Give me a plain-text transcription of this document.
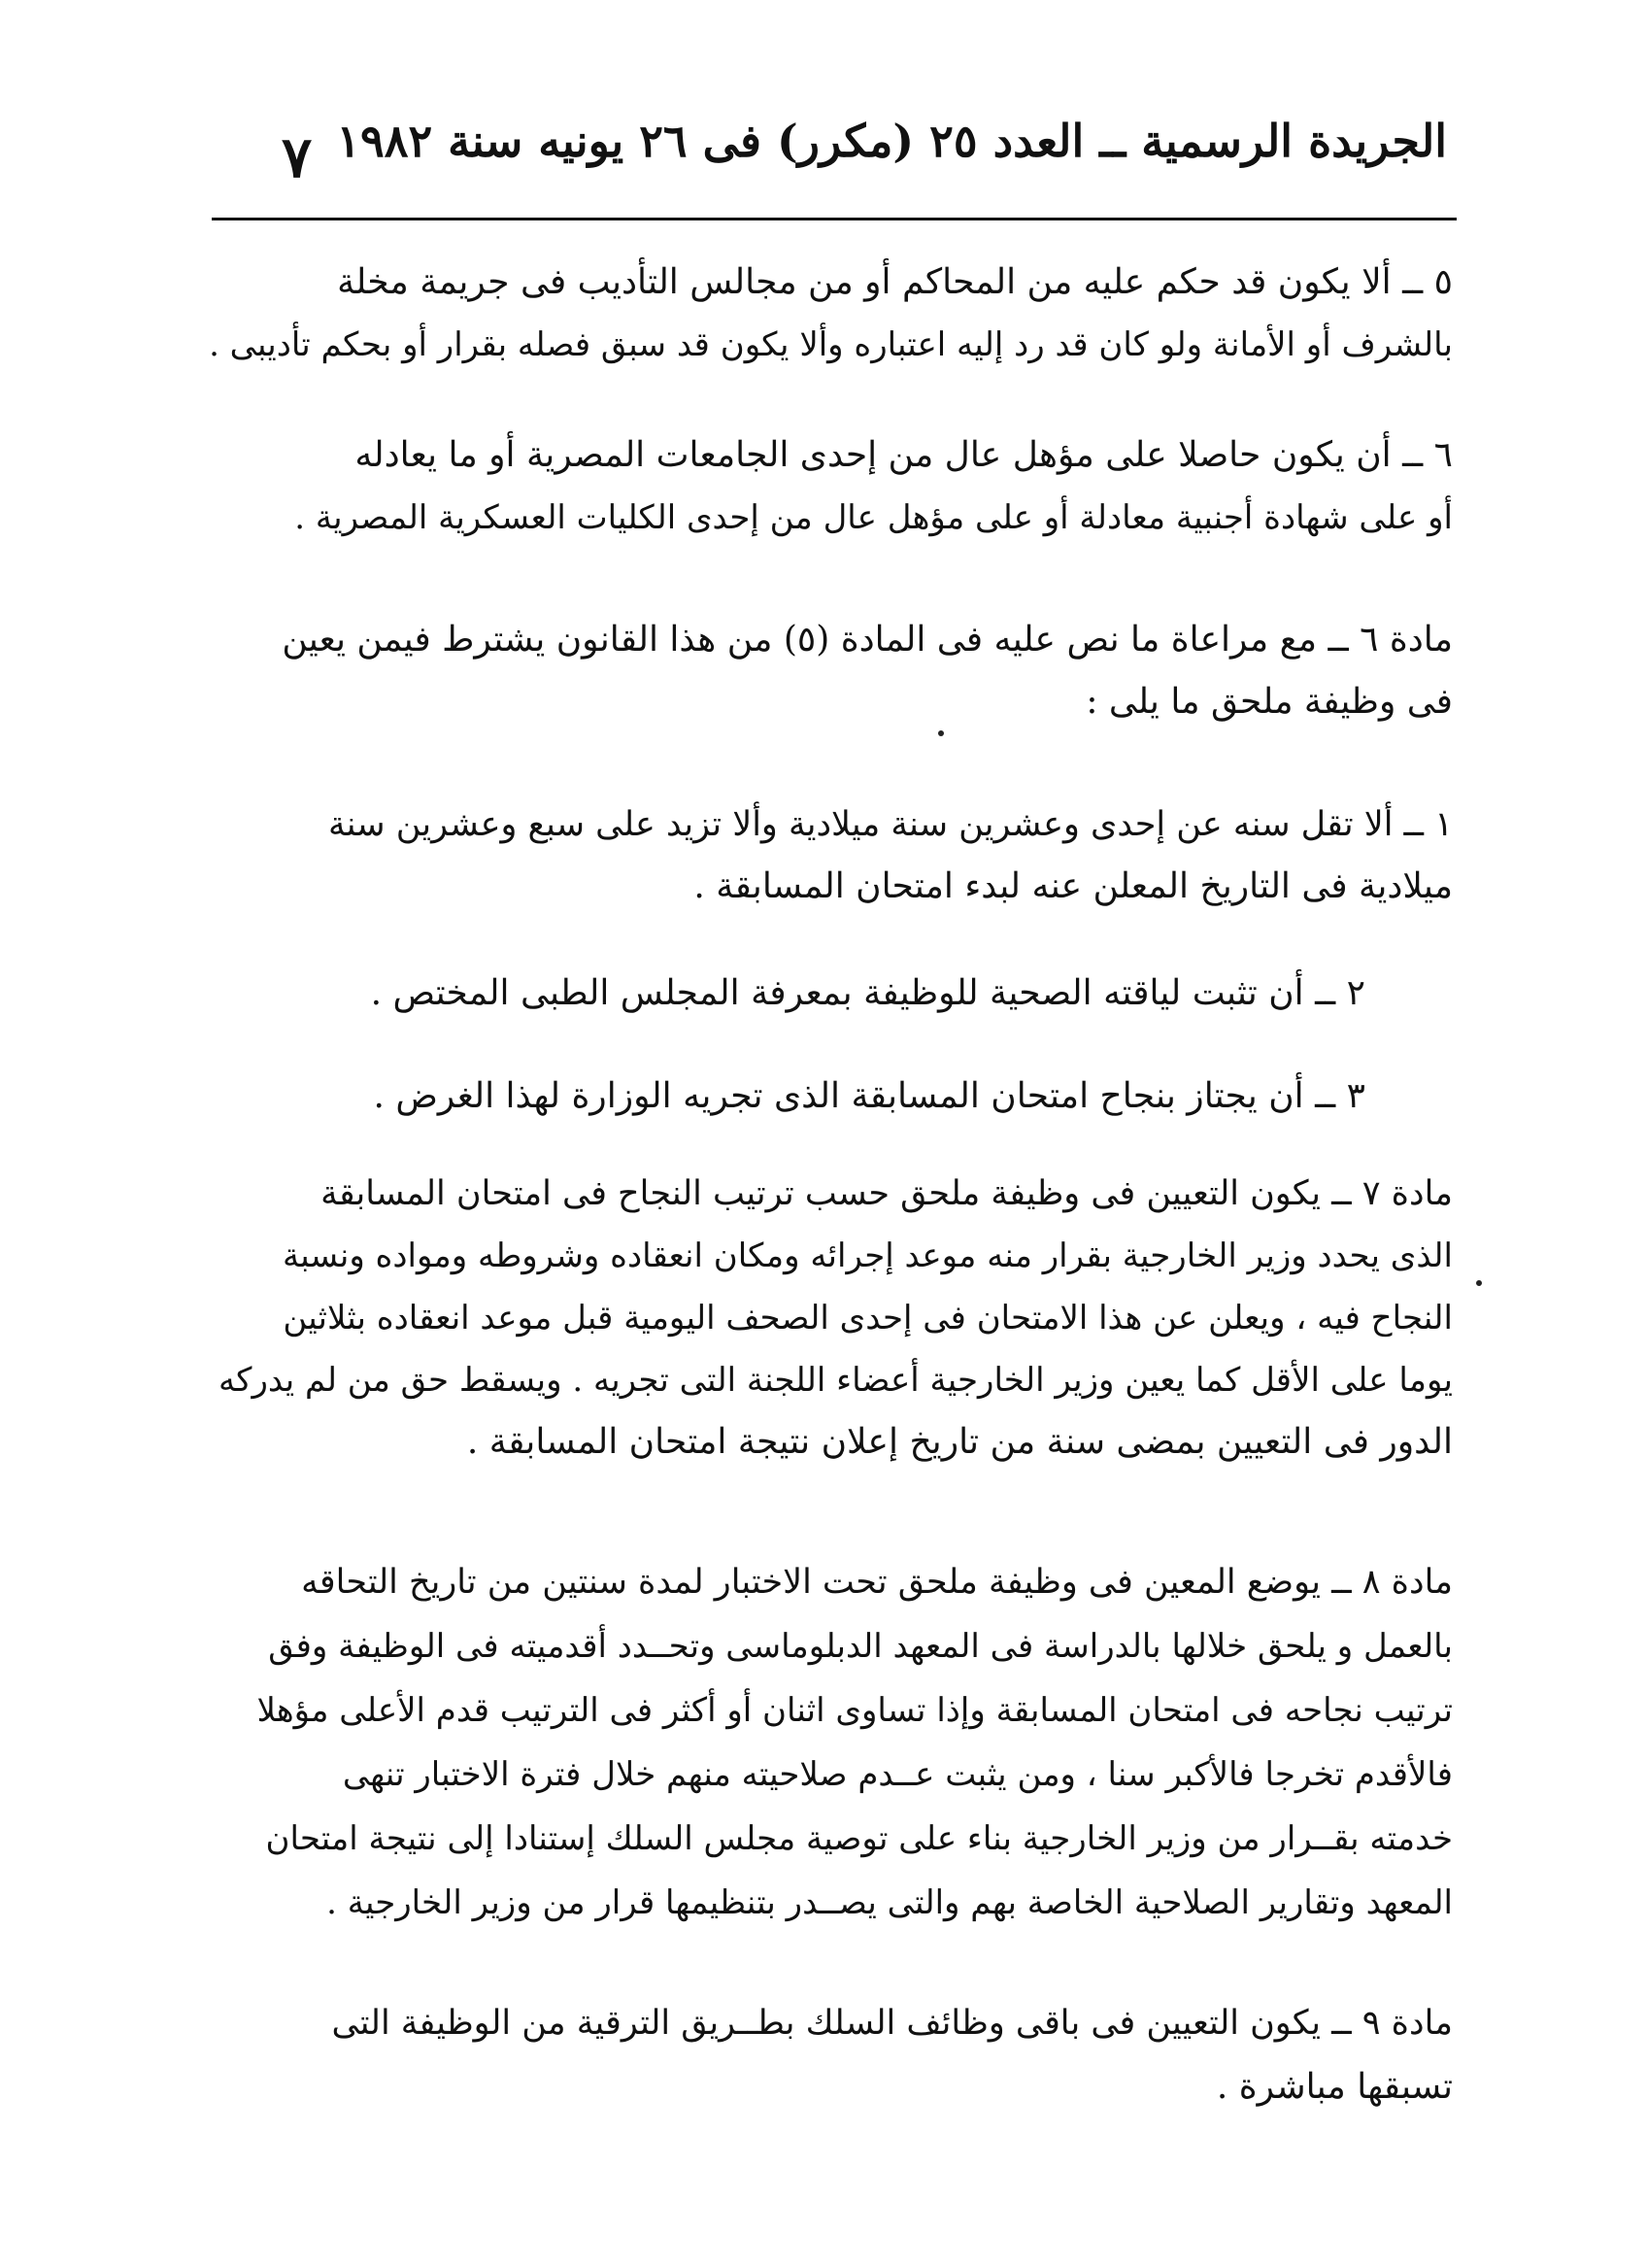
الجريدة الرسمية ــ العدد ٢٥ (مكرر) فى ٢٦ يونيه سنة ١٩٨٢
٧
٥ ــ ألا يكون قد حكم عليه من المحاكم أو من مجالس التأديب فى جريمة مخلة
بالشرف أو الأمانة ولو كان قد رد إليه اعتباره وألا يكون قد سبق فصله بقرار أو بحكم تأديبى .
٦ ــ أن يكون حاصلا على مؤهل عال من إحدى الجامعات المصرية أو ما يعادله
أو على شهادة أجنبية معادلة أو على مؤهل عال من إحدى الكليات العسكرية المصرية .
مادة ٦ ــ مع مراعاة ما نص عليه فى المادة (٥) من هذا القانون يشترط فيمن يعين
فى وظيفة ملحق ما يلى :
١ ــ ألا تقل سنه عن إحدى وعشرين سنة ميلادية وألا تزيد على سبع وعشرين سنة
ميلادية فى التاريخ المعلن عنه لبدء امتحان المسابقة .
٢ ــ أن تثبت لياقته الصحية للوظيفة بمعرفة المجلس الطبى المختص .
٣ ــ أن يجتاز بنجاح امتحان المسابقة الذى تجريه الوزارة لهذا الغرض .
مادة ٧ ــ يكون التعيين فى وظيفة ملحق حسب ترتيب النجاح فى امتحان المسابقة
الذى يحدد وزير الخارجية بقرار منه موعد إجرائه ومكان انعقاده وشروطه ومواده ونسبة
النجاح فيه ، ويعلن عن هذا الامتحان فى إحدى الصحف اليومية قبل موعد انعقاده بثلاثين
يوما على الأقل كما يعين وزير الخارجية أعضاء اللجنة التى تجريه . ويسقط حق من لم يدركه
الدور فى التعيين بمضى سنة من تاريخ إعلان نتيجة امتحان المسابقة .
مادة ٨ ــ يوضع المعين فى وظيفة ملحق تحت الاختبار لمدة سنتين من تاريخ التحاقه
بالعمل و يلحق خلالها بالدراسة فى المعهد الدبلوماسى وتحــدد أقدميته فى الوظيفة وفق
ترتيب نجاحه فى امتحان المسابقة وإذا تساوى اثنان أو أكثر فى الترتيب قدم الأعلى مؤهلا
فالأقدم تخرجا فالأكبر سنا ، ومن يثبت عــدم صلاحيته منهم خلال فترة الاختبار تنهى
خدمته بقــرار من وزير الخارجية بناء على توصية مجلس السلك إستنادا إلى نتيجة امتحان
المعهد وتقارير الصلاحية الخاصة بهم والتى يصــدر بتنظيمها قرار من وزير الخارجية .
مادة ٩ ــ يكون التعيين فى باقى وظائف السلك بطــريق الترقية من الوظيفة التى
تسبقها مباشرة .
